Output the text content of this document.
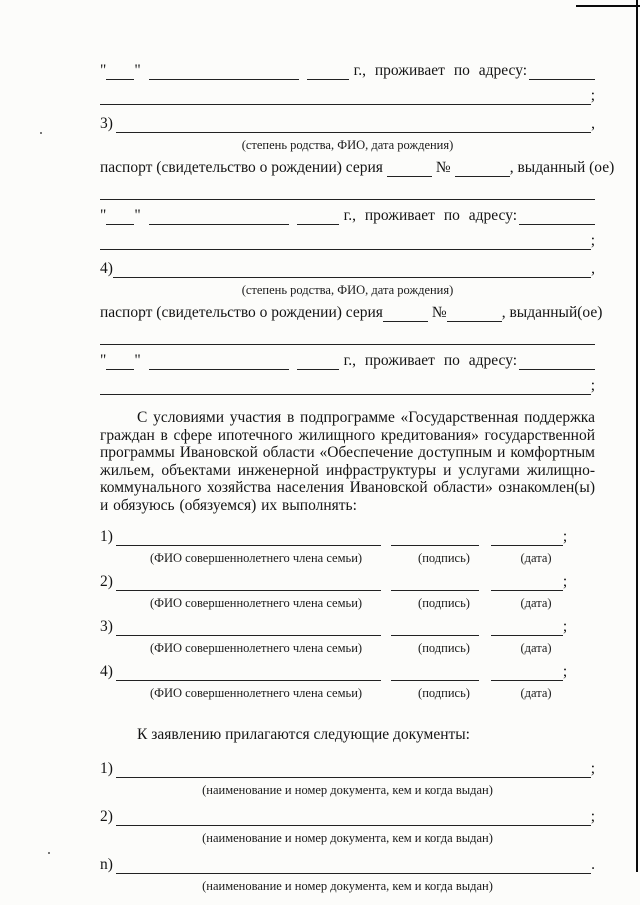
" "	г., проживает по адресу:
;
3)	,
(степень родства, ФИО, дата рождения)
паспорт (свидетельство о рождении) серия	№	, выданный (ое)
" "	г., проживает по адресу:
;
4)	,
(степень родства, ФИО, дата рождения)
паспорт (свидетельство о рождении) серия	№	, выданный(ое)
" "	г., проживает по адресу:
;
С условиями участия в подпрограмме «Государственная поддержка граждан в сфере ипотечного жилищного кредитования» государственной программы Ивановской области «Обеспечение доступным и комфортным жильем, объектами инженерной инфраструктуры и услугами жилищно-коммунального хозяйства населения Ивановской области» ознакомлен(ы) и обязуюсь (обязуемся) их выполнять:
1)	;
(ФИО совершеннолетнего члена семьи)	(подпись)	(дата)
2)	;
(ФИО совершеннолетнего члена семьи)	(подпись)	(дата)
3)	;
(ФИО совершеннолетнего члена семьи)	(подпись)	(дата)
4)	;
(ФИО совершеннолетнего члена семьи)	(подпись)	(дата)
К заявлению прилагаются следующие документы:
1)	;
(наименование и номер документа, кем и когда выдан)
2)	;
(наименование и номер документа, кем и когда выдан)
n)	.
(наименование и номер документа, кем и когда выдан)
